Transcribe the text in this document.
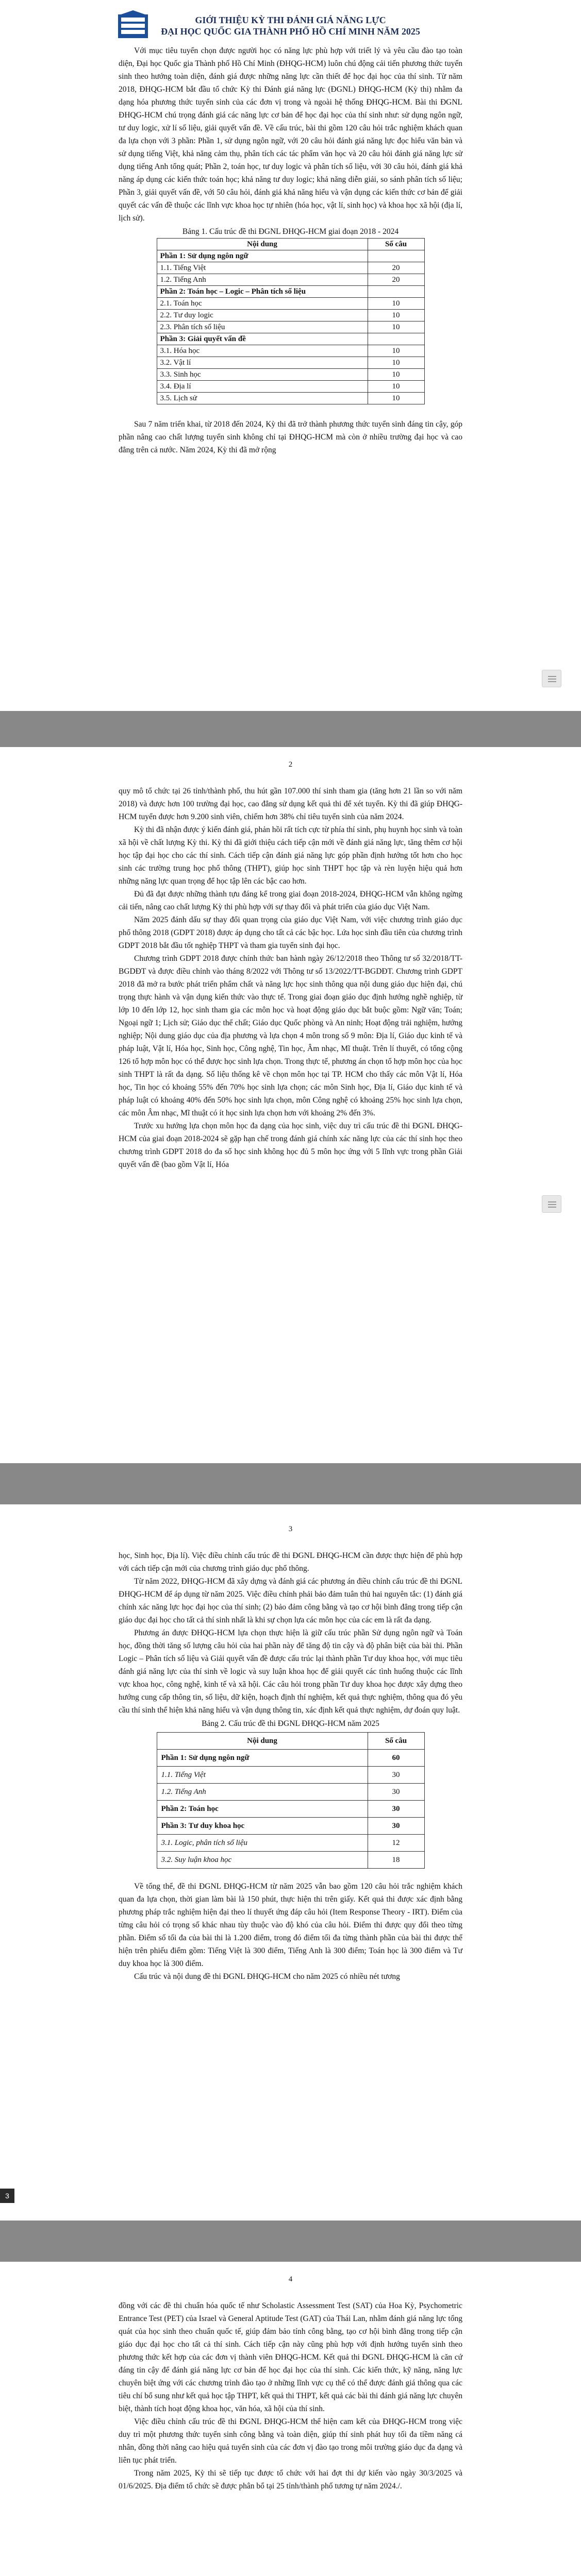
GIỚI THIỆU KỲ THI ĐÁNH GIÁ NĂNG LỰC
ĐẠI HỌC QUỐC GIA THÀNH PHỐ HỒ CHÍ MINH NĂM 2025

Với mục tiêu tuyển chọn được người học có năng lực phù hợp với triết lý và yêu cầu đào tạo toàn diện, Đại học Quốc gia Thành phố Hồ Chí Minh (ĐHQG-HCM) luôn chú động cải tiến phương thức tuyển sinh theo hướng toàn diện, đánh giá được những năng lực cần thiết để học đại học của thí sinh. Từ năm 2018, ĐHQG-HCM bắt đầu tổ chức Kỳ thi Đánh giá năng lực (ĐGNL) ĐHQG-HCM (Kỳ thi) nhằm đa dạng hóa phương thức tuyển sinh của các đơn vị trong và ngoài hệ thống ĐHQG-HCM. Bài thi ĐGNL ĐHQG-HCM chú trọng đánh giá các năng lực cơ bản để học đại học của thí sinh như: sử dụng ngôn ngữ, tư duy logic, xử lí số liệu, giải quyết vấn đề. Về cấu trúc, bài thi gồm 120 câu hỏi trắc nghiệm khách quan đa lựa chọn với 3 phần: Phần 1, sử dụng ngôn ngữ, với 20 câu hỏi đánh giá năng lực đọc hiểu văn bản và sử dụng tiếng Việt, khả năng cảm thụ, phân tích các tác phẩm văn học và 20 câu hỏi đánh giá năng lực sử dụng tiếng Anh tổng quát; Phần 2, toán học, tư duy logic và phân tích số liệu, với 30 câu hỏi, đánh giá khả năng áp dụng các kiến thức toán học; khả năng tư duy logic; khả năng diễn giải, so sánh phân tích số liệu; Phần 3, giải quyết vấn đề, với 50 câu hỏi, đánh giá khả năng hiểu và vận dụng các kiến thức cơ bản để giải quyết các vấn đề thuộc các lĩnh vực khoa học tự nhiên (hóa học, vật lí, sinh học) và khoa học xã hội (địa lí, lịch sử).

Bảng 1. Cấu trúc đề thi ĐGNL ĐHQG-HCM giai đoạn 2018 - 2024
Nội dung	Số câu
Phần 1: Sử dụng ngôn ngữ	
1.1. Tiếng Việt	20
1.2. Tiếng Anh	20
Phần 2: Toán học – Logic – Phân tích số liệu	
2.1. Toán học	10
2.2. Tư duy logic	10
2.3. Phân tích số liệu	10
Phần 3: Giải quyết vấn đề	
3.1. Hóa học	10
3.2. Vật lí	10
3.3. Sinh học	10
3.4. Địa lí	10
3.5. Lịch sử	10

Sau 7 năm triển khai, từ 2018 đến 2024, Kỳ thi đã trở thành phương thức tuyển sinh đáng tin cậy, góp phần nâng cao chất lượng tuyển sinh không chỉ tại ĐHQG-HCM mà còn ở nhiều trường đại học và cao đẳng trên cả nước. Năm 2024, Kỳ thi đã mở rộng

2

quy mô tổ chức tại 26 tỉnh/thành phố, thu hút gần 107.000 thí sinh tham gia (tăng hơn 21 lần so với năm 2018) và được hơn 100 trường đại học, cao đẳng sử dụng kết quả thi để xét tuyển. Kỳ thi đã giúp ĐHQG-HCM tuyển được hơn 9.200 sinh viên, chiếm hơn 38% chỉ tiêu tuyển sinh của năm 2024.

Kỳ thi đã nhận được ý kiến đánh giá, phản hồi rất tích cực từ phía thí sinh, phụ huynh học sinh và toàn xã hội về chất lượng Kỳ thi. Kỳ thi đã giới thiệu cách tiếp cận mới về đánh giá năng lực, tăng thêm cơ hội học tập đại học cho các thí sinh. Cách tiếp cận đánh giá năng lực góp phần định hướng tốt hơn cho học sinh các trường trung học phổ thông (THPT), giúp học sinh THPT học tập và rèn luyện hiệu quả hơn những năng lực quan trọng để học tập lên các bậc cao hơn.

Đủ đã đạt được những thành tựu đáng kể trong giai đoạn 2018-2024, ĐHQG-HCM vẫn không ngừng cải tiến, nâng cao chất lượng Kỳ thi phù hợp với sự thay đổi và phát triển của giáo dục Việt Nam.

Năm 2025 đánh dấu sự thay đổi quan trọng của giáo dục Việt Nam, với việc chương trình giáo dục phổ thông 2018 (GDPT 2018) được áp dụng cho tất cả các bậc học. Lứa học sinh đầu tiên của chương trình GDPT 2018 bắt đầu tốt nghiệp THPT và tham gia tuyển sinh đại học.

Chương trình GDPT 2018 được chính thức ban hành ngày 26/12/2018 theo Thông tư số 32/2018/TT-BGDĐT và được điều chỉnh vào tháng 8/2022 với Thông tư số 13/2022/TT-BGDĐT. Chương trình GDPT 2018 đã mở ra bước phát triển phẩm chất và năng lực học sinh thông qua nội dung giáo dục hiện đại, chú trọng thực hành và vận dụng kiến thức vào thực tế. Trong giai đoạn giáo dục định hướng nghề nghiệp, từ lớp 10 đến lớp 12, học sinh tham gia các môn học và hoạt động giáo dục bắt buộc gồm: Ngữ văn; Toán; Ngoại ngữ 1; Lịch sử; Giáo dục thể chất; Giáo dục Quốc phòng và An ninh; Hoạt động trải nghiệm, hướng nghiệp; Nội dung giáo dục của địa phương và lựa chọn 4 môn trong số 9 môn: Địa lí, Giáo dục kinh tế và pháp luật, Vật lí, Hóa học, Sinh học, Công nghệ, Tin học, Âm nhạc, Mĩ thuật. Trên lí thuyết, có tổng cộng 126 tổ hợp môn học có thể được học sinh lựa chọn. Trong thực tế, phương án chọn tổ hợp môn học của học sinh THPT là rất đa dạng. Số liệu thống kê về chọn môn học tại TP. HCM cho thấy các môn Vật lí, Hóa học, Tin học có khoảng 55% đến 70% học sinh lựa chọn; các môn Sinh học, Địa lí, Giáo dục kinh tế và pháp luật có khoảng 40% đến 50% học sinh lựa chọn, môn Công nghệ có khoảng 25% học sinh lựa chọn, các môn Âm nhạc, Mĩ thuật có ít học sinh lựa chọn hơn với khoảng 2% đến 3%.

Trước xu hướng lựa chọn môn học đa dạng của học sinh, việc duy trì cấu trúc đề thi ĐGNL ĐHQG-HCM của giai đoạn 2018-2024 sẽ gặp hạn chế trong đánh giá chính xác năng lực của các thí sinh học theo chương trình GDPT 2018 do đa số học sinh không học đủ 5 môn học ứng với 5 lĩnh vực trong phần Giải quyết vấn đề (bao gồm Vật lí, Hóa

3

học, Sinh học, Địa lí). Việc điều chỉnh cấu trúc đề thi ĐGNL ĐHQG-HCM cần được thực hiện để phù hợp với cách tiếp cận mới của chương trình giáo dục phổ thông.

Từ năm 2022, ĐHQG-HCM đã xây dựng và đánh giá các phương án điều chỉnh cấu trúc đề thi ĐGNL ĐHQG-HCM để áp dụng từ năm 2025. Việc điều chỉnh phải bảo đảm tuân thủ hai nguyên tắc: (1) đánh giá chính xác năng lực học đại học của thí sinh; (2) bảo đảm công bằng và tạo cơ hội bình đẳng trong tiếp cận giáo dục đại học cho tất cả thí sinh nhất là khi sự chọn lựa các môn học của các em là rất đa dạng.

Phương án được ĐHQG-HCM lựa chọn thực hiện là giữ cấu trúc phần Sử dụng ngôn ngữ và Toán học, đồng thời tăng số lượng câu hỏi của hai phần này để tăng độ tin cậy và độ phân biệt của bài thi. Phần Logic – Phân tích số liệu và Giải quyết vấn đề được cấu trúc lại thành phần Tư duy khoa học, với mục tiêu đánh giá năng lực của thí sinh về logic và suy luận khoa học để giải quyết các tình huống thuộc các lĩnh vực khoa học, công nghệ, kinh tế và xã hội. Các câu hỏi trong phần Tư duy khoa học được xây dựng theo hướng cung cấp thông tin, số liệu, dữ kiện, hoạch định thí nghiệm, kết quả thực nghiệm, thông qua đó yêu cầu thí sinh thể hiện khả năng hiểu và vận dụng thông tin, xác định kết quả thực nghiệm, dự đoán quy luật.

Bảng 2. Cấu trúc đề thi ĐGNL ĐHQG-HCM năm 2025
Nội dung	Số câu
Phần 1: Sử dụng ngôn ngữ	60
1.1. Tiếng Việt	30
1.2. Tiếng Anh	30
Phần 2: Toán học	30
Phần 3: Tư duy khoa học	30
3.1. Logic, phân tích số liệu	12
3.2. Suy luận khoa học	18

Về tổng thể, đề thi ĐGNL ĐHQG-HCM từ năm 2025 vẫn bao gồm 120 câu hỏi trắc nghiệm khách quan đa lựa chọn, thời gian làm bài là 150 phút, thực hiện thi trên giấy. Kết quả thi được xác định bằng phương pháp trắc nghiệm hiện đại theo lí thuyết ứng đáp câu hỏi (Item Response Theory - IRT). Điểm của từng câu hỏi có trọng số khác nhau tùy thuộc vào độ khó của câu hỏi. Điểm thi được quy đổi theo từng phần. Điểm số tối đa của bài thi là 1.200 điểm, trong đó điểm tối đa từng thành phần của bài thi được thể hiện trên phiếu điểm gồm: Tiếng Việt là 300 điểm, Tiếng Anh là 300 điểm; Toán học là 300 điểm và Tư duy khoa học là 300 điểm.

Cấu trúc và nội dung đề thi ĐGNL ĐHQG-HCM cho năm 2025 có nhiều nét tương

3
4

đồng với các đề thi chuẩn hóa quốc tế như Scholastic Assessment Test (SAT) của Hoa Kỳ, Psychometric Entrance Test (PET) của Israel và General Aptitude Test (GAT) của Thái Lan, nhằm đánh giá năng lực tổng quát của học sinh theo chuẩn quốc tế, giúp đảm bảo tính công bằng, tạo cơ hội bình đẳng trong tiếp cận giáo dục đại học cho tất cả thí sinh. Cách tiếp cận này cũng phù hợp với định hướng tuyển sinh theo phương thức kết hợp của các đơn vị thành viên ĐHQG-HCM. Kết quả thi ĐGNL ĐHQG-HCM là căn cứ đáng tin cậy để đánh giá năng lực cơ bản để học đại học của thí sinh. Các kiến thức, kỹ năng, năng lực chuyên biệt ứng với các chương trình đào tạo ở những lĩnh vực cụ thể có thể được đánh giá thông qua các tiêu chí bổ sung như kết quả học tập THPT, kết quả thi THPT, kết quả các bài thi đánh giá năng lực chuyên biệt, thành tích hoạt động khoa học, văn hóa, xã hội của thí sinh.

Việc điều chỉnh cấu trúc đề thi ĐGNL ĐHQG-HCM thể hiện cam kết của ĐHQG-HCM trong việc duy trì một phương thức tuyển sinh công bằng và toàn diện, giúp thí sinh phát huy tối đa tiềm năng cá nhân, đồng thời nâng cao hiệu quả tuyển sinh của các đơn vị đào tạo trong môi trường giáo dục đa dạng và liên tục phát triển.

Trong năm 2025, Kỳ thi sẽ tiếp tục được tổ chức với hai đợt thi dự kiến vào ngày 30/3/2025 và 01/6/2025. Địa điểm tổ chức sẽ được phân bổ tại 25 tỉnh/thành phố tương tự năm 2024./.
